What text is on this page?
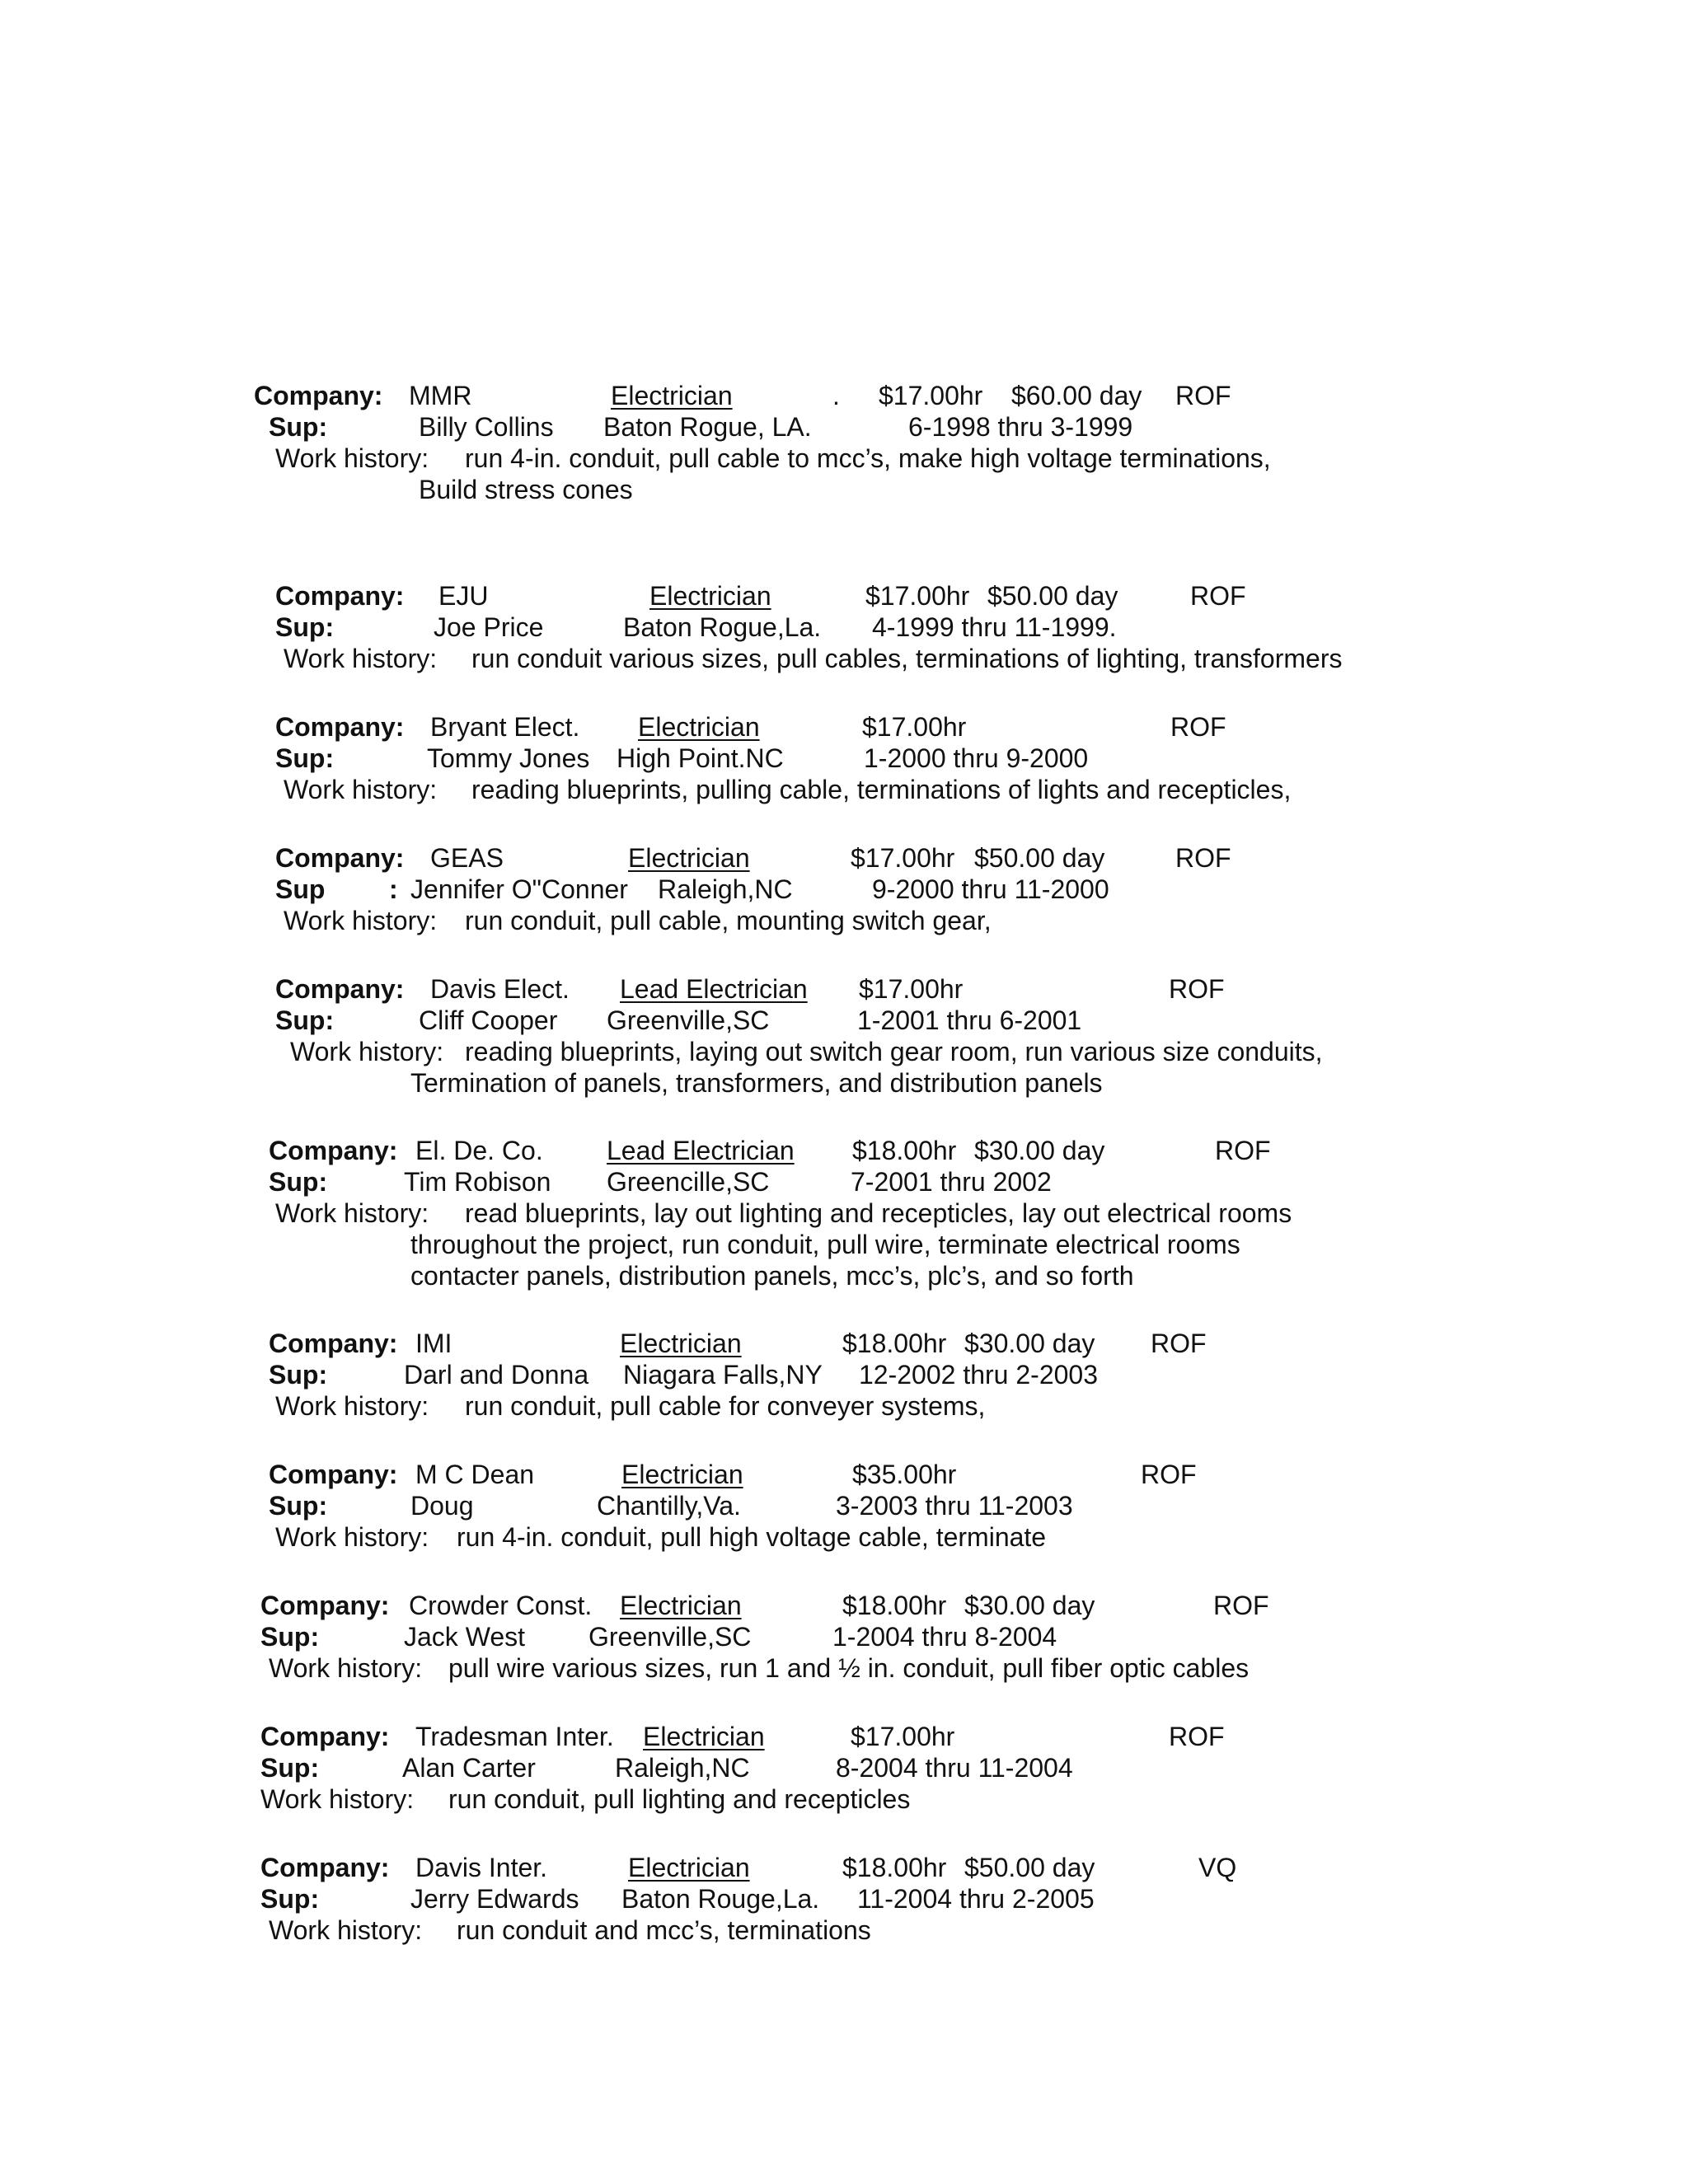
Company: MMR	Electrician	. $17.00hr $60.00 day ROF
Sup:	Billy Collins Baton Rogue, LA.	6-1998 thru 3-1999
Work history: run 4-in. conduit, pull cable to mcc’s, make high voltage terminations,
Build stress cones
Company: EJU	Electrician	$17.00hr $50.00 day	ROF
Sup:	Joe Price	Baton Rogue,La. 4-1999 thru 11-1999.
Work history: run conduit various sizes, pull cables, terminations of lighting, transformers
Company: Bryant Elect. Electrician	$17.00hr	ROF
Sup:	Tommy Jones High Point.NC	1-2000 thru 9-2000
Work history: reading blueprints, pulling cable, terminations of lights and recepticles,
Company: GEAS	Electrician	$17.00hr $50.00 day	ROF
Sup : Jennifer O"Conner Raleigh,NC	9-2000 thru 11-2000
Work history: run conduit, pull cable, mounting switch gear,
Company: Davis Elect. Lead Electrician $17.00hr	ROF
Sup:	Cliff Cooper Greenville,SC	1-2001 thru 6-2001
Work history: reading blueprints, laying out switch gear room, run various size conduits,
Termination of panels, transformers, and distribution panels
Company: El. De. Co. Lead Electrician $18.00hr $30.00 day	ROF
Sup:	Tim Robison Greencille,SC	7-2001 thru 2002
Work history: read blueprints, lay out lighting and recepticles, lay out electrical rooms
throughout the project, run conduit, pull wire, terminate electrical rooms
contacter panels, distribution panels, mcc’s, plc’s, and so forth
Company: IMI	Electrician	$18.00hr $30.00 day ROF
Sup:	Darl and Donna Niagara Falls,NY 12-2002 thru 2-2003
Work history: run conduit, pull cable for conveyer systems,
Company: M C Dean	Electrician	$35.00hr	ROF
Sup:	Doug	Chantilly,Va.	3-2003 thru 11-2003
Work history: run 4-in. conduit, pull high voltage cable, terminate
Company: Crowder Const. Electrician	$18.00hr $30.00 day	ROF
Sup:	Jack West Greenville,SC	1-2004 thru 8-2004
Work history: pull wire various sizes, run 1 and ½ in. conduit, pull fiber optic cables
Company: Tradesman Inter. Electrician	$17.00hr	ROF
Sup:	Alan Carter	Raleigh,NC	8-2004 thru 11-2004
Work history: run conduit, pull lighting and recepticles
Company: Davis Inter.	Electrician	$18.00hr $50.00 day	VQ
Sup:	Jerry Edwards Baton Rouge,La. 11-2004 thru 2-2005
Work history: run conduit and mcc’s, terminations
